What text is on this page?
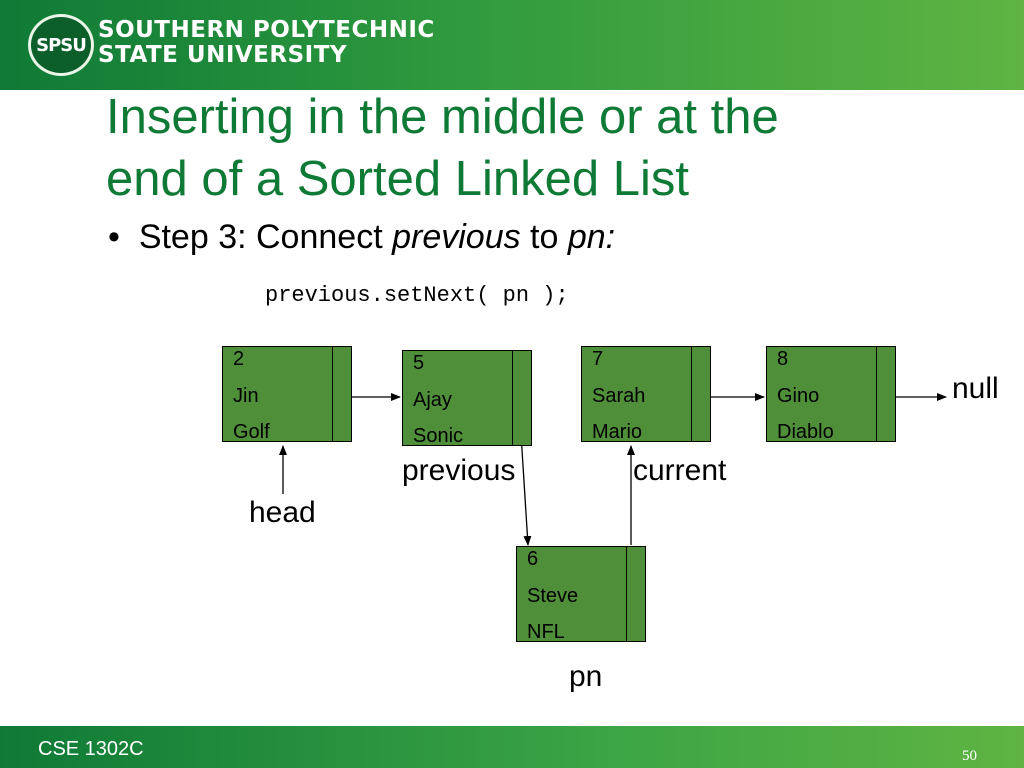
SPSU
SOUTHERN POLYTECHNIC
STATE UNIVERSITY
Inserting in the middle or at the
end of a Sorted Linked List
• Step 3: Connect previous to pn:
previous.setNext( pn );
2
Jin
Golf
5
Ajay
Sonic
7
Sarah
Mario
8
Gino
Diablo
6
Steve
NFL
null
head
previous	current
pn
CSE 1302C	50
